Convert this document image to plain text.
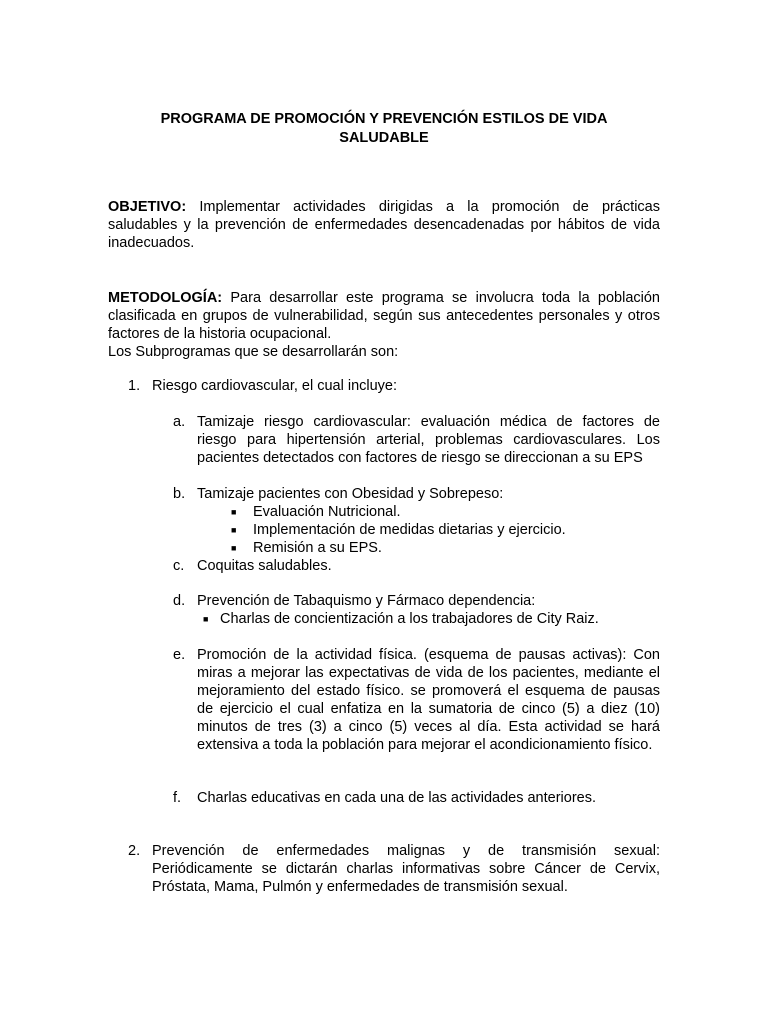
PROGRAMA DE PROMOCIÓN Y PREVENCIÓN ESTILOS DE VIDA
SALUDABLE
OBJETIVO: Implementar actividades dirigidas a la promoción de prácticas saludables y la prevención de enfermedades desencadenadas por hábitos de vida inadecuados.
METODOLOGÍA: Para desarrollar este programa se involucra toda la población clasificada en grupos de vulnerabilidad, según sus antecedentes personales y otros factores de la historia ocupacional.
Los Subprogramas que se desarrollarán son:
1. Riesgo cardiovascular, el cual incluye:
a. Tamizaje riesgo cardiovascular: evaluación médica de factores de riesgo para hipertensión arterial, problemas cardiovasculares. Los pacientes detectados con factores de riesgo se direccionan a su EPS
b. Tamizaje pacientes con Obesidad y Sobrepeso:
■ Evaluación Nutricional.
■ Implementación de medidas dietarias y ejercicio.
■ Remisión a su EPS.
c. Coquitas saludables.
d. Prevención de Tabaquismo y Fármaco dependencia:
■ Charlas de concientización a los trabajadores de City Raiz.
e. Promoción de la actividad física. (esquema de pausas activas): Con miras a mejorar las expectativas de vida de los pacientes, mediante el mejoramiento del estado físico. se promoverá el esquema de pausas de ejercicio el cual enfatiza en la sumatoria de cinco (5) a diez (10) minutos de tres (3) a cinco (5) veces al día. Esta actividad se hará extensiva a toda la población para mejorar el acondicionamiento físico.
f. Charlas educativas en cada una de las actividades anteriores.
2. Prevención de enfermedades malignas y de transmisión sexual: Periódicamente se dictarán charlas informativas sobre Cáncer de Cervix, Próstata, Mama, Pulmón y enfermedades de transmisión sexual.
